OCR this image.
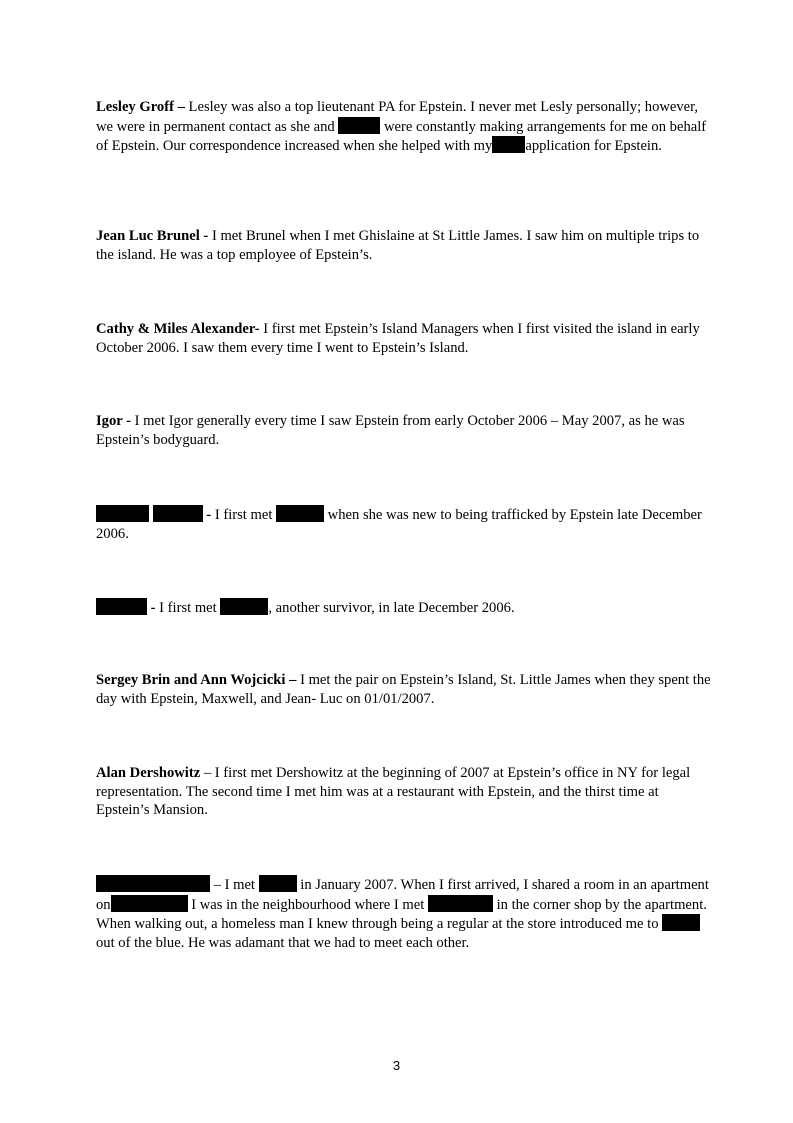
Lesley Groff – Lesley was also a top lieutenant PA for Epstein. I never met Lesly personally; however, we were in permanent contact as she and	were constantly making arrangements for me on behalf of Epstein. Our correspondence increased when she helped with my application for Epstein.

Jean Luc Brunel - I met Brunel when I met Ghislaine at St Little James. I saw him on multiple trips to the island. He was a top employee of Epstein’s.

Cathy & Miles Alexander- I first met Epstein’s Island Managers when I first visited the island in early October 2006. I saw them every time I went to Epstein’s Island.

Igor - I met Igor generally every time I saw Epstein from early October 2006 – May 2007, as he was Epstein’s bodyguard.

- I first met	when she was new to being trafficked by Epstein late December 2006.

- I first met	, another survivor, in late December 2006.

Sergey Brin and Ann Wojcicki – I met the pair on Epstein’s Island, St. Little James when they spent the day with Epstein, Maxwell, and Jean- Luc on 01/01/2007.

Alan Dershowitz – I first met Dershowitz at the beginning of 2007 at Epstein’s office in NY for legal representation. The second time I met him was at a restaurant with Epstein, and the thirst time at Epstein’s Mansion.

– I met	in January 2007. When I first arrived, I shared a room in an apartment on	I was in the neighbourhood where I met	in the corner shop by the apartment. When walking out, a homeless man I knew through being a regular at the store introduced me to  out of the blue. He was adamant that we had to meet each other.

3
